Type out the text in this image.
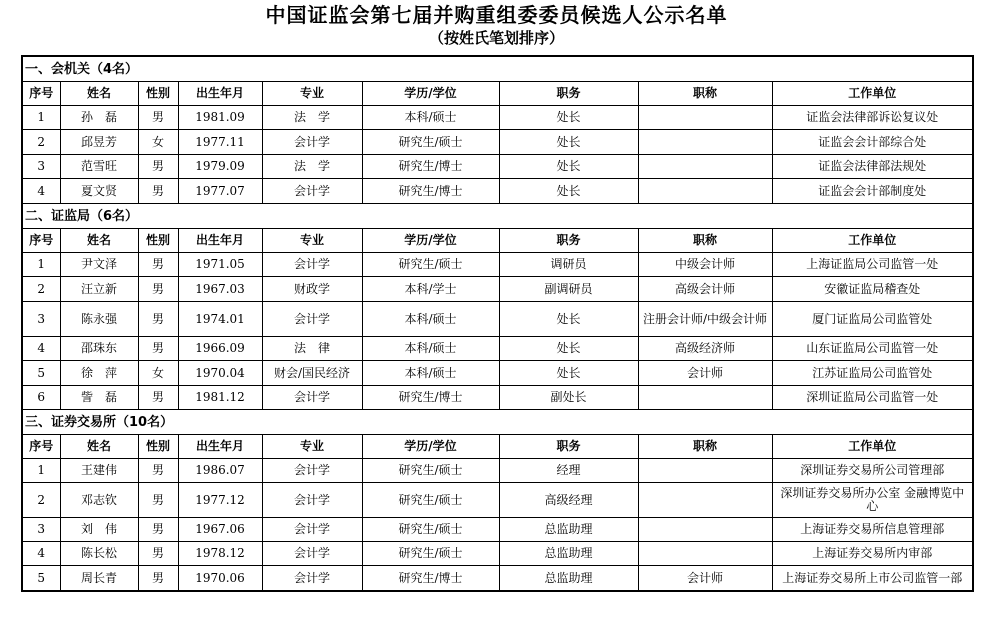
中国证监会第七届并购重组委委员候选人公示名单
（按姓氏笔划排序）
一、会机关（4名）								
序号	姓名	性别	出生年月	专业	学历/学位	职务	职称	工作单位
1	孙　磊	男	1981.09	法　学	本科/硕士	处长		证监会法律部诉讼复议处
2	邱昱芳	女	1977.11	会计学	研究生/硕士	处长		证监会会计部综合处
3	范雪旺	男	1979.09	法　学	研究生/博士	处长		证监会法律部法规处
4	夏文贤	男	1977.07	会计学	研究生/博士	处长		证监会会计部制度处
二、证监局（6名）								
序号	姓名	性别	出生年月	专业	学历/学位	职务	职称	工作单位
1	尹文泽	男	1971.05	会计学	研究生/硕士	调研员	中级会计师	上海证监局公司监管一处
2	汪立新	男	1967.03	财政学	本科/学士	副调研员	高级会计师	安徽证监局稽查处
3	陈永强	男	1974.01	会计学	本科/硕士	处长	注册会计师/中级会计师	厦门证监局公司监管处
4	邵珠东	男	1966.09	法　律	本科/硕士	处长	高级经济师	山东证监局公司监管一处
5	徐　萍	女	1970.04	财会/国民经济	本科/硕士	处长	会计师	江苏证监局公司监管处
6	訾　磊	男	1981.12	会计学	研究生/博士	副处长		深圳证监局公司监管一处
三、证券交易所（10名）								
序号	姓名	性别	出生年月	专业	学历/学位	职务	职称	工作单位
1	王建伟	男	1986.07	会计学	研究生/硕士	经理		深圳证券交易所公司管理部
2	邓志钦	男	1977.12	会计学	研究生/硕士	高级经理		深圳证券交易所办公室 金融博览中心
3	刘　伟	男	1967.06	会计学	研究生/硕士	总监助理		上海证券交易所信息管理部
4	陈长松	男	1978.12	会计学	研究生/硕士	总监助理		上海证券交易所内审部
5	周长青	男	1970.06	会计学	研究生/博士	总监助理	会计师	上海证券交易所上市公司监管一部
